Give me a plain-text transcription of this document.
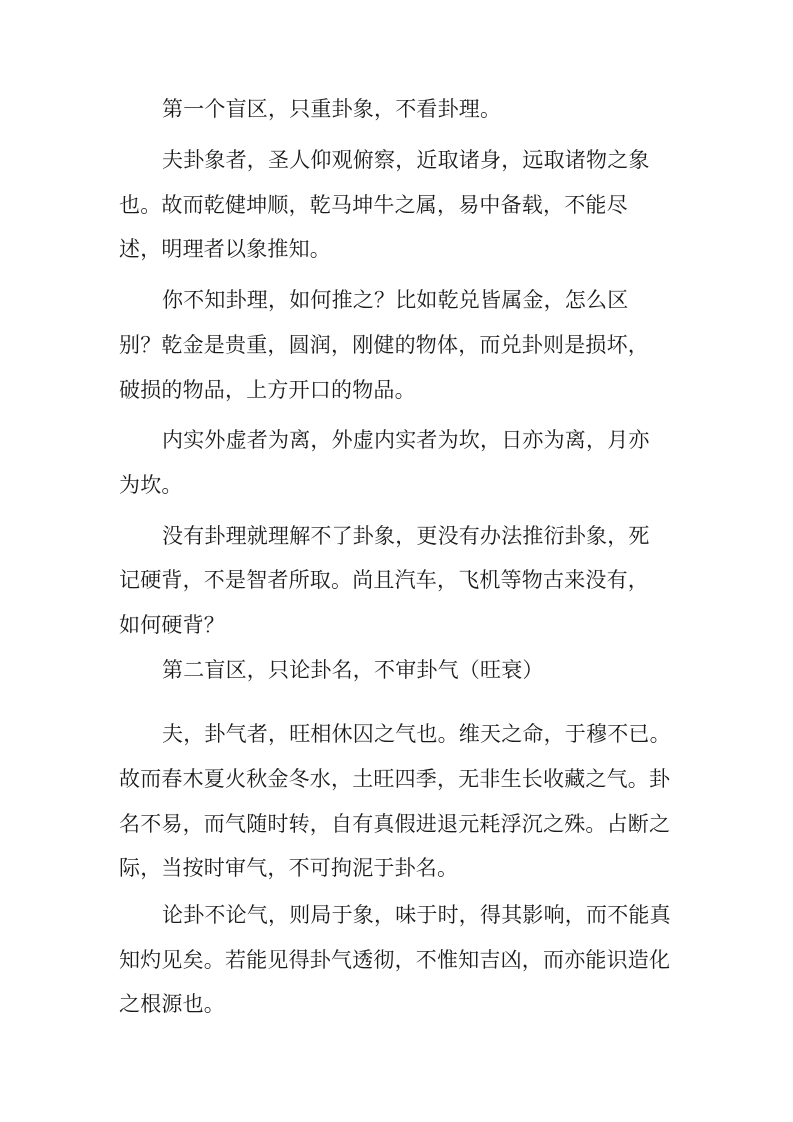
第一个盲区，只重卦象，不看卦理。
夫卦象者，圣人仰观俯察，近取诸身，远取诸物之象
也。故而乾健坤顺，乾马坤牛之属，易中备载，不能尽
述，明理者以象推知。
你不知卦理，如何推之？比如乾兑皆属金，怎么区
别？乾金是贵重，圆润，刚健的物体，而兑卦则是损坏，
破损的物品，上方开口的物品。
内实外虚者为离，外虚内实者为坎，日亦为离，月亦
为坎。
没有卦理就理解不了卦象，更没有办法推衍卦象，死
记硬背，不是智者所取。尚且汽车，飞机等物古来没有，
如何硬背？
第二盲区，只论卦名，不审卦气（旺衰）
夫，卦气者，旺相休囚之气也。维天之命，于穆不已。
故而春木夏火秋金冬水，土旺四季，无非生长收藏之气。卦
名不易，而气随时转，自有真假进退元耗浮沉之殊。占断之
际，当按时审气，不可拘泥于卦名。
论卦不论气，则局于象，味于时，得其影响，而不能真
知灼见矣。若能见得卦气透彻，不惟知吉凶，而亦能识造化
之根源也。
